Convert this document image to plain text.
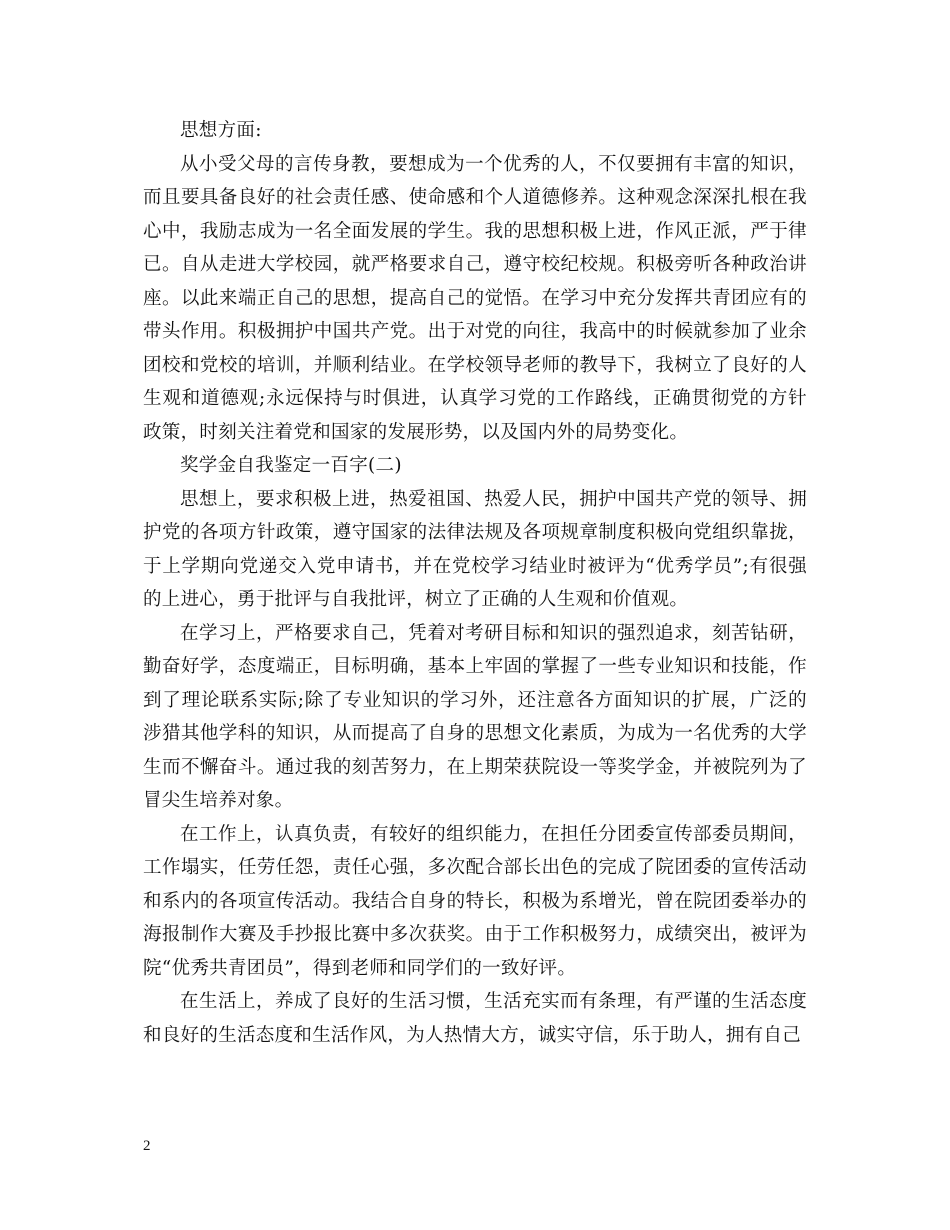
思想方面:

从小受父母的言传身教，要想成为一个优秀的人，不仅要拥有丰富的知识，而且要具备良好的社会责任感、使命感和个人道德修养。这种观念深深扎根在我心中，我励志成为一名全面发展的学生。我的思想积极上进，作风正派，严于律已。自从走进大学校园，就严格要求自己，遵守校纪校规。积极旁听各种政治讲座。以此来端正自己的思想，提高自己的觉悟。在学习中充分发挥共青团应有的带头作用。积极拥护中国共产党。出于对党的向往，我高中的时候就参加了业余团校和党校的培训，并顺利结业。在学校领导老师的教导下，我树立了良好的人生观和道德观;永远保持与时俱进，认真学习党的工作路线，正确贯彻党的方针政策，时刻关注着党和国家的发展形势，以及国内外的局势变化。

奖学金自我鉴定一百字(二)

思想上，要求积极上进，热爱祖国、热爱人民，拥护中国共产党的领导、拥护党的各项方针政策，遵守国家的法律法规及各项规章制度积极向党组织靠拢，于上学期向党递交入党申请书，并在党校学习结业时被评为“优秀学员”;有很强的上进心，勇于批评与自我批评，树立了正确的人生观和价值观。

在学习上，严格要求自己，凭着对考研目标和知识的强烈追求，刻苦钻研，勤奋好学，态度端正，目标明确，基本上牢固的掌握了一些专业知识和技能，作到了理论联系实际;除了专业知识的学习外，还注意各方面知识的扩展，广泛的涉猎其他学科的知识，从而提高了自身的思想文化素质，为成为一名优秀的大学生而不懈奋斗。通过我的刻苦努力，在上期荣获院设一等奖学金，并被院列为了冒尖生培养对象。

在工作上，认真负责，有较好的组织能力，在担任分团委宣传部委员期间，工作塌实，任劳任怨，责任心强，多次配合部长出色的完成了院团委的宣传活动和系内的各项宣传活动。我结合自身的特长，积极为系增光，曾在院团委举办的海报制作大赛及手抄报比赛中多次获奖。由于工作积极努力，成绩突出，被评为院“优秀共青团员”，得到老师和同学们的一致好评。

在生活上，养成了良好的生活习惯，生活充实而有条理，有严谨的生活态度和良好的生活态度和生活作风，为人热情大方，诚实守信，乐于助人，拥有自己

2
